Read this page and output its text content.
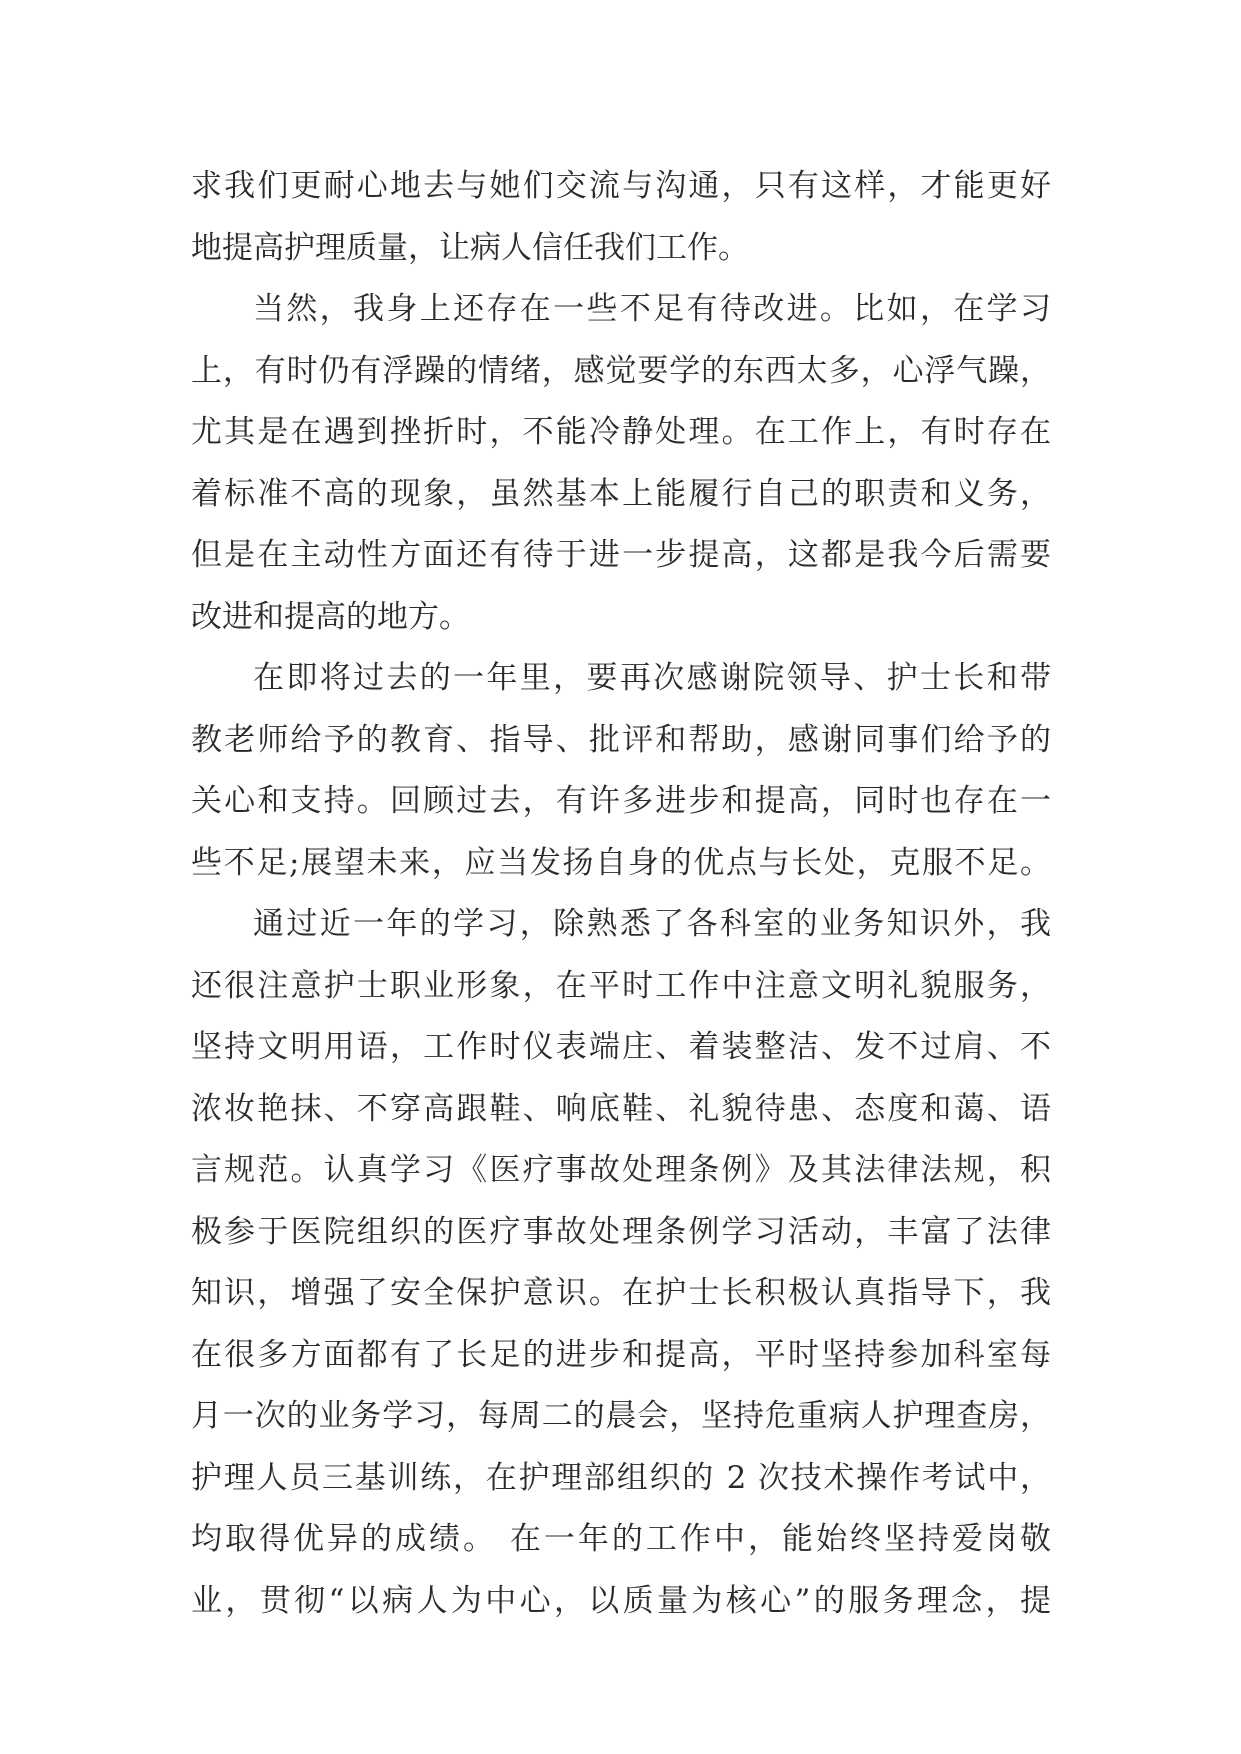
求我们更耐心地去与她们交流与沟通，只有这样，才能更好
地提高护理质量，让病人信任我们工作。
当然，我身上还存在一些不足有待改进。比如，在学习
上，有时仍有浮躁的情绪，感觉要学的东西太多，心浮气躁，
尤其是在遇到挫折时，不能冷静处理。在工作上，有时存在
着标准不高的现象，虽然基本上能履行自己的职责和义务，
但是在主动性方面还有待于进一步提高，这都是我今后需要
改进和提高的地方。
在即将过去的一年里，要再次感谢院领导、护士长和带
教老师给予的教育、指导、批评和帮助，感谢同事们给予的
关心和支持。回顾过去，有许多进步和提高，同时也存在一
些不足;展望未来，应当发扬自身的优点与长处，克服不足。
通过近一年的学习，除熟悉了各科室的业务知识外，我
还很注意护士职业形象，在平时工作中注意文明礼貌服务，
坚持文明用语，工作时仪表端庄、着装整洁、发不过肩、不
浓妆艳抹、不穿高跟鞋、响底鞋、礼貌待患、态度和蔼、语
言规范。认真学习《医疗事故处理条例》及其法律法规，积
极参于医院组织的医疗事故处理条例学习活动，丰富了法律
知识，增强了安全保护意识。在护士长积极认真指导下，我
在很多方面都有了长足的进步和提高，平时坚持参加科室每
月一次的业务学习，每周二的晨会，坚持危重病人护理查房，
护理人员三基训练，在护理部组织的 2 次技术操作考试中，
均取得优异的成绩。 在一年的工作中，能始终坚持爱岗敬
业，贯彻“以病人为中心，以质量为核心”的服务理念，提
